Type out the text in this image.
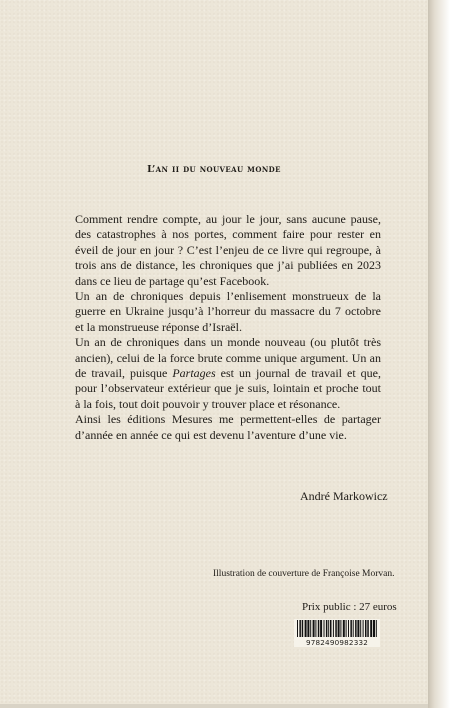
L’an ii du nouveau monde

Comment rendre compte, au jour le jour, sans aucune pause, des catastrophes à nos portes, comment faire pour rester en éveil de jour en jour ? C’est l’enjeu de ce livre qui regroupe, à trois ans de distance, les chroniques que j’ai publiées en 2023 dans ce lieu de partage qu’est Facebook.

Un an de chroniques depuis l’enlisement monstrueux de la guerre en Ukraine jusqu’à l’horreur du massacre du 7 octobre et la monstrueuse réponse d’Israël.

Un an de chroniques dans un monde nouveau (ou plutôt très ancien), celui de la force brute comme unique argument. Un an de travail, puisque Partages est un journal de travail et que, pour l’observateur extérieur que je suis, lointain et proche tout à la fois, tout doit pouvoir y trouver place et résonance.

Ainsi les éditions Mesures me permettent-elles de partager d’année en année ce qui est devenu l’aventure d’une vie.

André Markowicz
Illustration de couverture de Françoise Morvan.
Prix public : 27 euros
9782490982332
